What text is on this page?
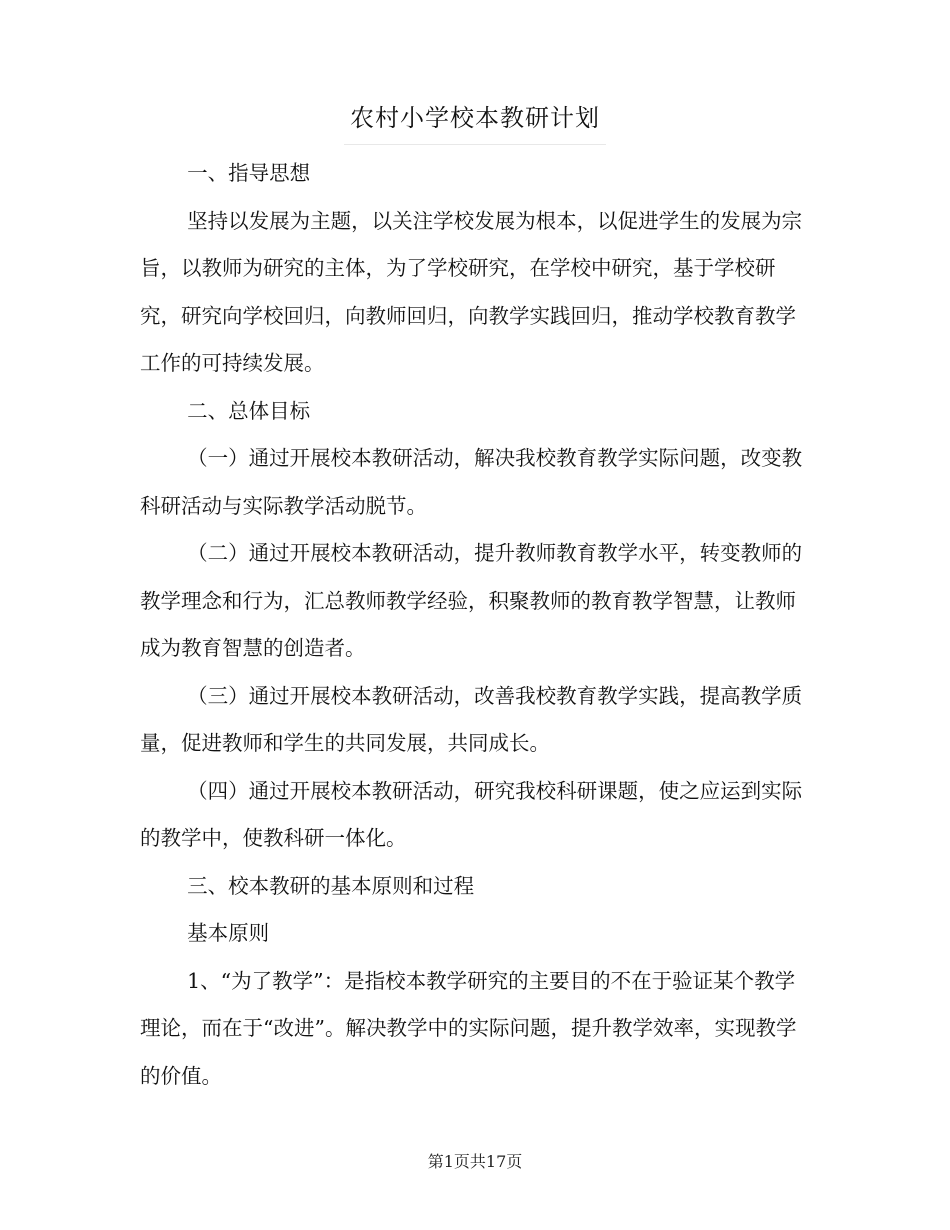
农村小学校本教研计划

一、指导思想

坚持以发展为主题，以关注学校发展为根本，以促进学生的发展为宗旨，以教师为研究的主体，为了学校研究，在学校中研究，基于学校研究，研究向学校回归，向教师回归，向教学实践回归，推动学校教育教学工作的可持续发展。

二、总体目标

（一）通过开展校本教研活动，解决我校教育教学实际问题，改变教科研活动与实际教学活动脱节。

（二）通过开展校本教研活动，提升教师教育教学水平，转变教师的教学理念和行为，汇总教师教学经验，积聚教师的教育教学智慧，让教师成为教育智慧的创造者。

（三）通过开展校本教研活动，改善我校教育教学实践，提高教学质量，促进教师和学生的共同发展，共同成长。

（四）通过开展校本教研活动，研究我校科研课题，使之应运到实际的教学中，使教科研一体化。

三、校本教研的基本原则和过程

基本原则

1、“为了教学”：是指校本教学研究的主要目的不在于验证某个教学理论，而在于“改进”。解决教学中的实际问题，提升教学效率，实现教学的价值。

第1页共17页
